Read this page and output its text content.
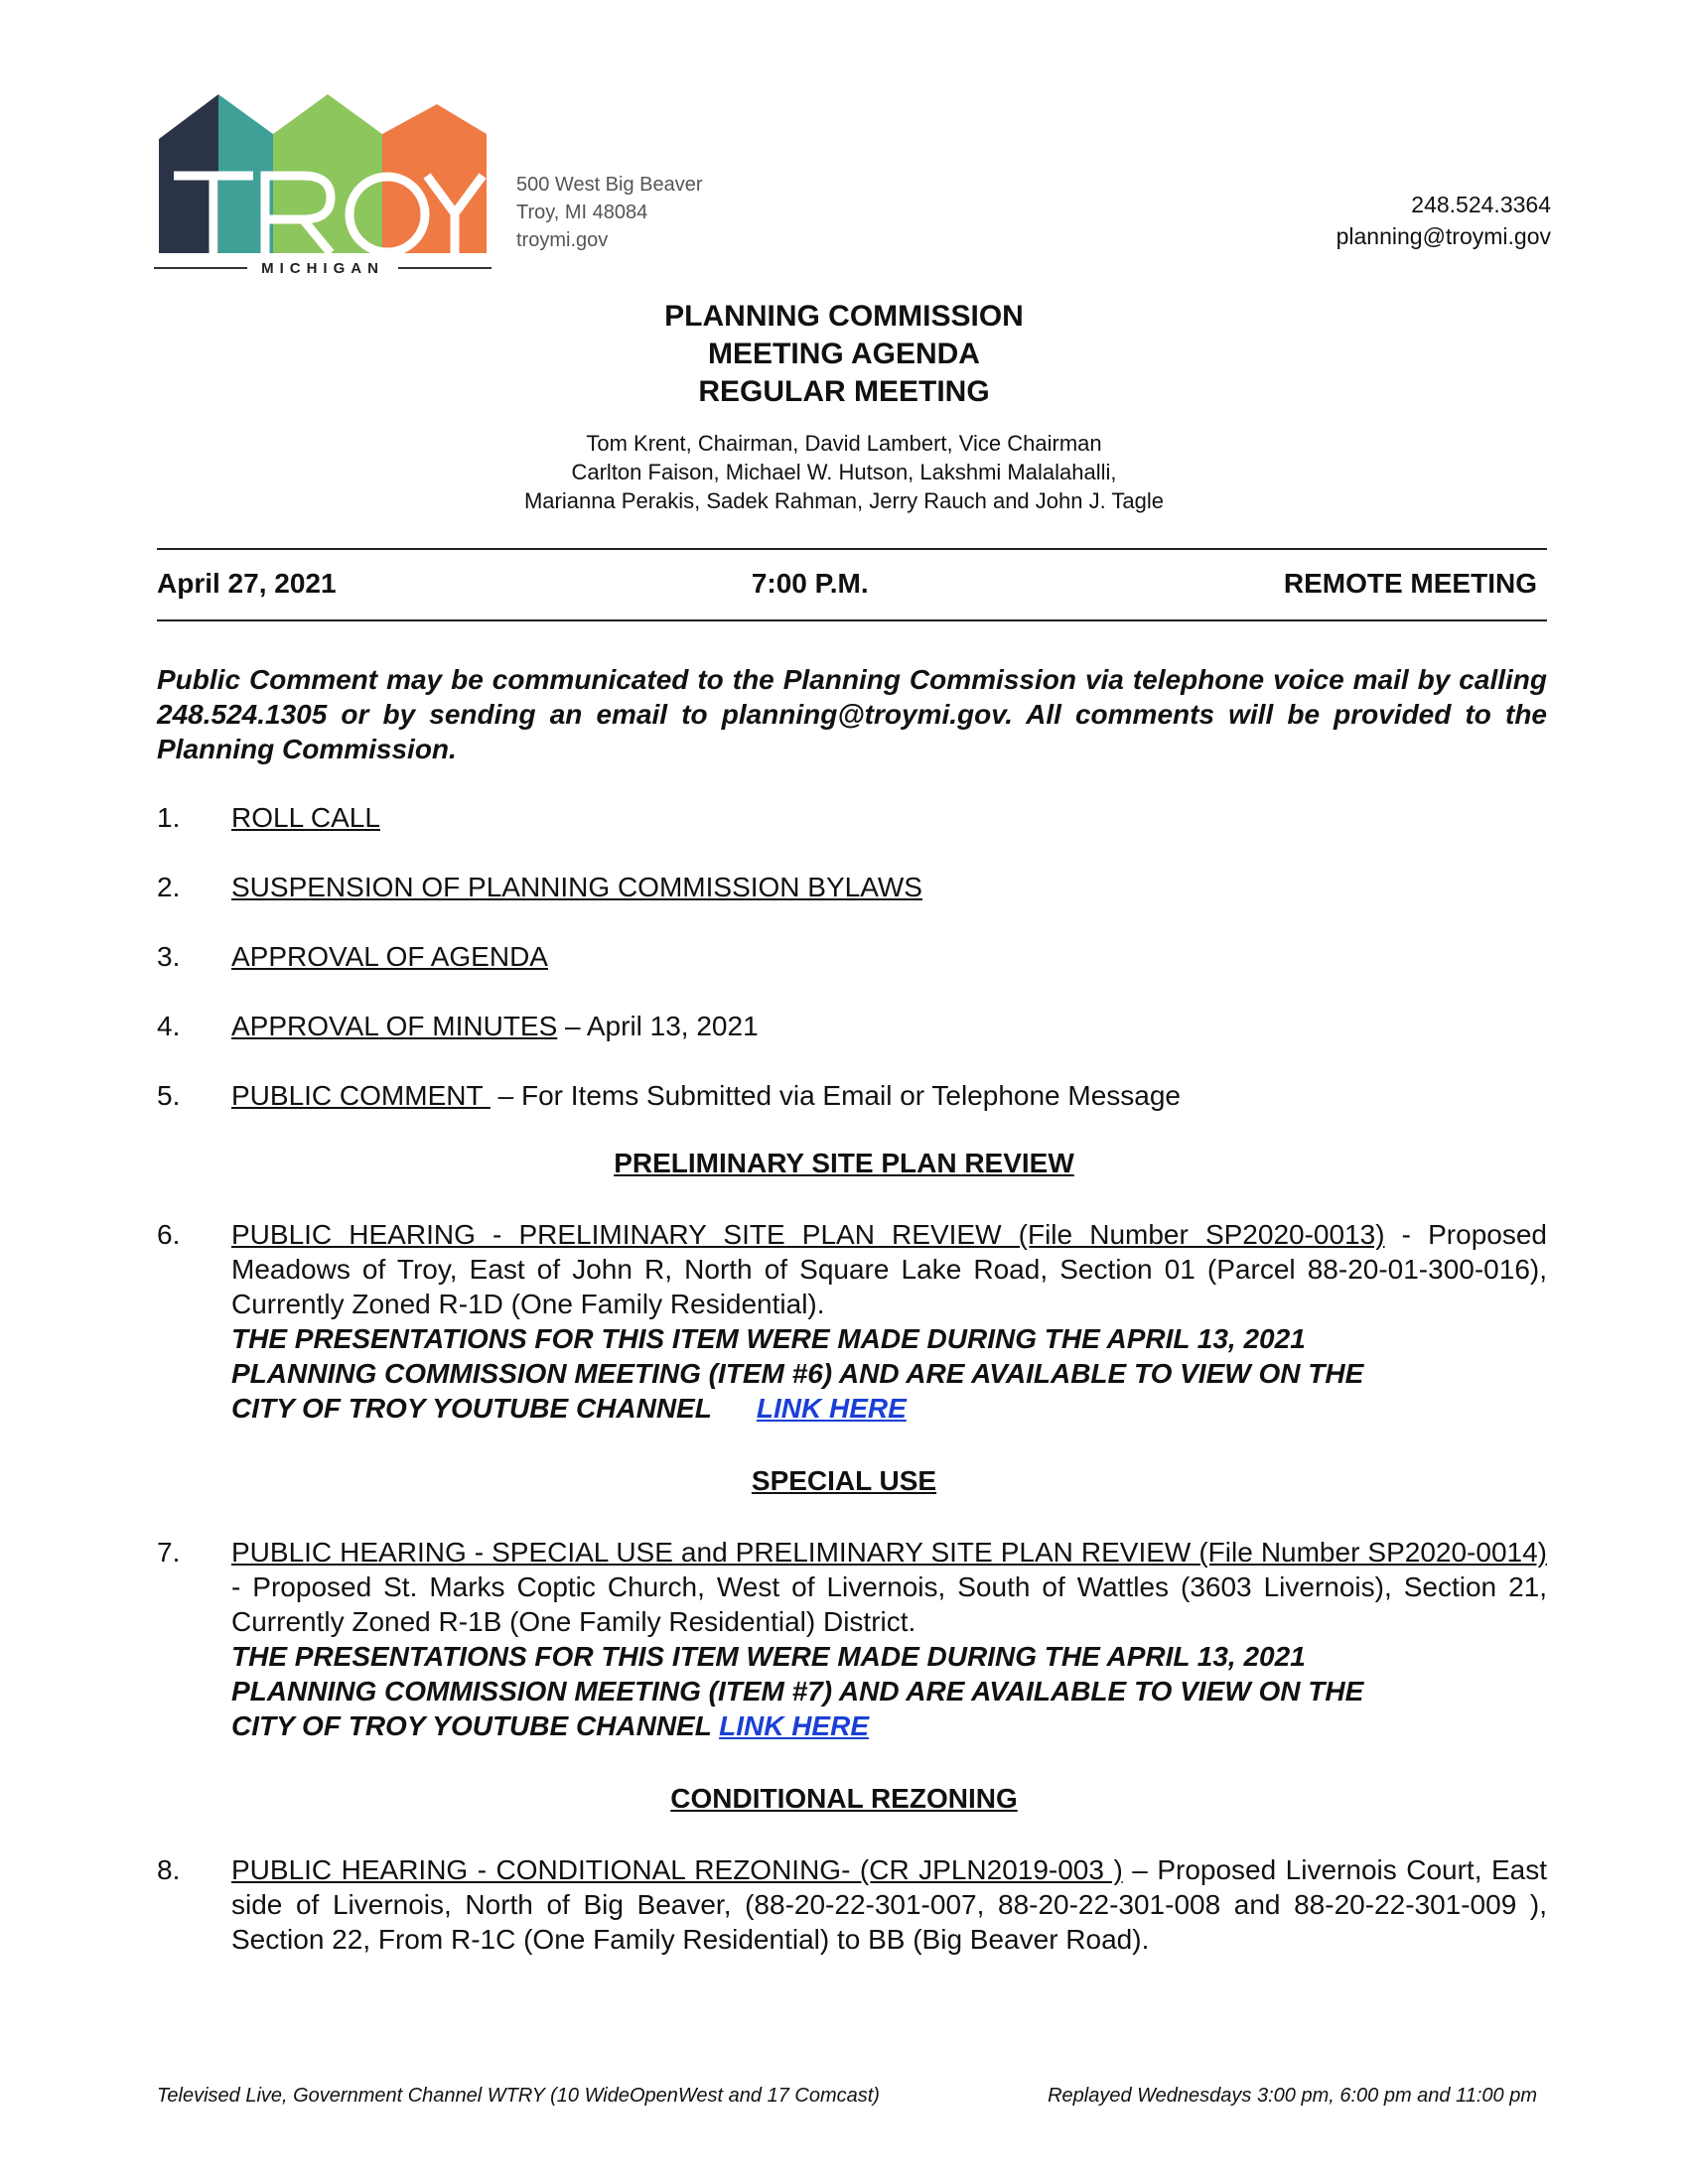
MICHIGAN
500 West Big Beaver
Troy, MI 48084
troymi.gov
248.524.3364
planning@troymi.gov
PLANNING COMMISSION
MEETING AGENDA
REGULAR MEETING
Tom Krent, Chairman, David Lambert, Vice Chairman
Carlton Faison, Michael W. Hutson, Lakshmi Malalahalli,
Marianna Perakis, Sadek Rahman, Jerry Rauch and John J. Tagle
April 27, 2021	7:00 P.M.	REMOTE MEETING
Public Comment may be communicated to the Planning Commission via telephone voice mail by calling 248.524.1305 or by sending an email to planning@troymi.gov. All comments will be provided to the Planning Commission.
1. ROLL CALL
2. SUSPENSION OF PLANNING COMMISSION BYLAWS
3. APPROVAL OF AGENDA
4. APPROVAL OF MINUTES – April 13, 2021
5. PUBLIC COMMENT  – For Items Submitted via Email or Telephone Message
PRELIMINARY SITE PLAN REVIEW
6. PUBLIC HEARING - PRELIMINARY SITE PLAN REVIEW (File Number SP2020-0013) - Proposed Meadows of Troy, East of John R, North of Square Lake Road, Section 01 (Parcel 88-20-01-300-016), Currently Zoned R-1D (One Family Residential).
THE PRESENTATIONS FOR THIS ITEM WERE MADE DURING THE APRIL 13, 2021
PLANNING COMMISSION MEETING (ITEM #6) AND ARE AVAILABLE TO VIEW ON THE
CITY OF TROY YOUTUBE CHANNEL LINK HERE
SPECIAL USE
7. PUBLIC HEARING - SPECIAL USE and PRELIMINARY SITE PLAN REVIEW (File Number SP2020-0014) - Proposed St. Marks Coptic Church, West of Livernois, South of Wattles (3603 Livernois), Section 21, Currently Zoned R-1B (One Family Residential) District.
THE PRESENTATIONS FOR THIS ITEM WERE MADE DURING THE APRIL 13, 2021
PLANNING COMMISSION MEETING (ITEM #7) AND ARE AVAILABLE TO VIEW ON THE
CITY OF TROY YOUTUBE CHANNEL LINK HERE
CONDITIONAL REZONING
8. PUBLIC HEARING - CONDITIONAL REZONING- (CR JPLN2019-003 ) – Proposed Livernois Court, East side of Livernois, North of Big Beaver, (88-20-22-301-007, 88-20-22-301-008 and 88-20-22-301-009 ), Section 22, From R-1C (One Family Residential) to BB (Big Beaver Road).
Televised Live, Government Channel WTRY (10 WideOpenWest and 17 Comcast)	Replayed Wednesdays 3:00 pm, 6:00 pm and 11:00 pm
